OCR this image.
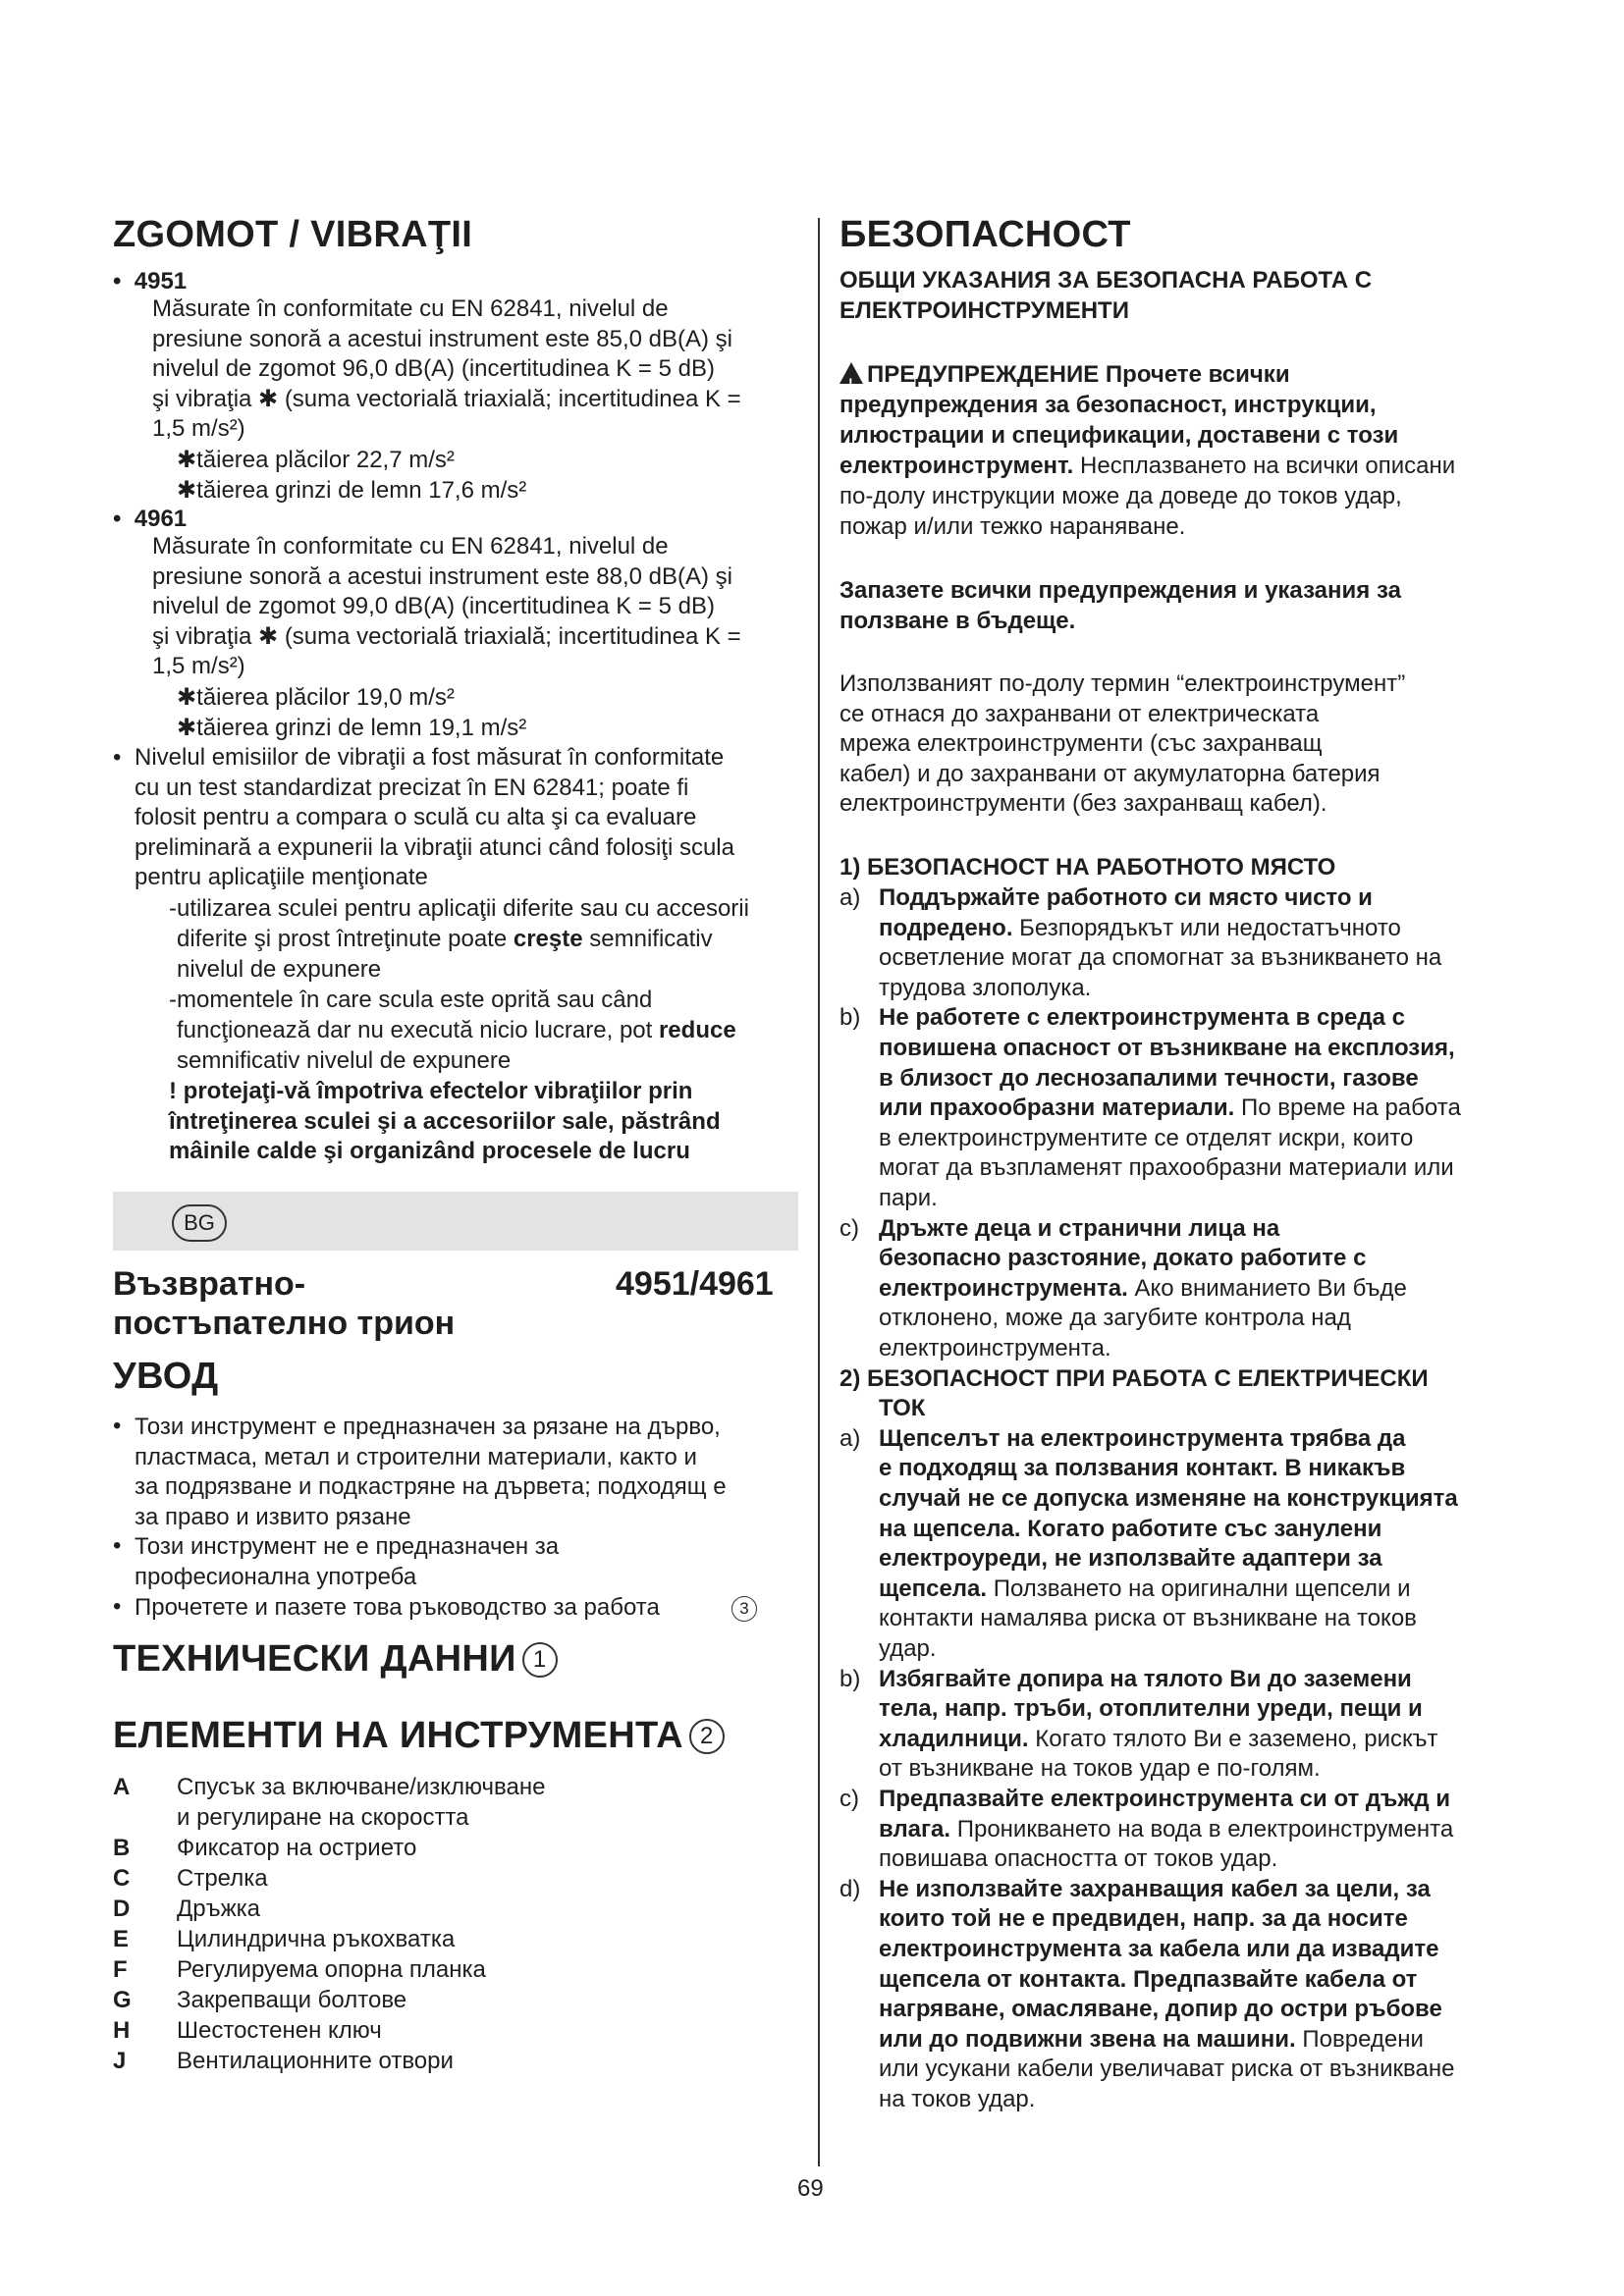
ZGOMOT / VIBRAŢII
•  4951
Măsurate în conformitate cu EN 62841, nivelul de
presiune sonoră a acestui instrument este 85,0 dB(A) şi
nivelul de zgomot 96,0 dB(A) (incertitudinea K = 5 dB)
şi vibraţia ✱ (suma vectorială triaxială; incertitudinea K =
1,5 m/s²)
✱tăierea plăcilor 22,7 m/s²
✱tăierea grinzi de lemn 17,6 m/s²
•  4961
Măsurate în conformitate cu EN 62841, nivelul de
presiune sonoră a acestui instrument este 88,0 dB(A) şi
nivelul de zgomot 99,0 dB(A) (incertitudinea K = 5 dB)
şi vibraţia ✱ (suma vectorială triaxială; incertitudinea K =
1,5 m/s²)
✱tăierea plăcilor 19,0 m/s²
✱tăierea grinzi de lemn 19,1 m/s²
• Nivelul emisiilor de vibraţii a fost măsurat în conformitate
cu un test standardizat precizat în EN 62841; poate fi
folosit pentru a compara o sculă cu alta şi ca evaluare
preliminară a expunerii la vibraţii atunci când folosiţi scula
pentru aplicaţiile menţionate
-utilizarea sculei pentru aplicaţii diferite sau cu accesorii
diferite şi prost întreţinute poate creşte semnificativ
nivelul de expunere
-momentele în care scula este oprită sau când
funcţionează dar nu execută nicio lucrare, pot reduce
semnificativ nivelul de expunere
! protejaţi-vă împotriva efectelor vibraţiilor prin
întreţinerea sculei şi a accesoriilor sale, păstrând
mâinile calde şi organizând procesele de lucru
BG
Възвратно-
постъпателно трион
4951/4961
УВОД
• Този инструмент е предназначен за рязане на дърво,
пластмаса, метал и строителни материали, както и
за подрязване и подкастряне на дърветa; подходящ е
за право и извито рязане
• Този инструмент не е предназначен за
професионална употреба
• Прочетете и пазете това ръководство за работа	3
ТЕХНИЧЕСКИ ДАННИ 1
ЕЛЕМЕНТИ НА ИНСТРУМЕНТА 2
A Спусък за включване/изключване
и регулиране на скоростта
B Фиксатор на острието
C Стрелка
D Дръжка
E Цилиндрична ръкохватка
F Регулируема опорна планка
G Закрепващи болтове
H Шестостенен ключ
J Вентилационните отвори
БЕЗОПАСНОСТ
ОБЩИ УКАЗАНИЯ ЗА БЕЗОПАСНА РАБОТА С
ЕЛЕКТРОИНСТРУМЕНТИ
! ПРЕДУПРЕЖДЕНИЕ Прочете всички
предупреждения за безопасност, инструкции,
илюстрации и спецификации, доставени с този
електроинструмент. Несплазването на всички описани
по-долу инструкции може да доведе до токов удар,
пожар и/или тежко нараняване.
Запазете всички предупреждения и указания за
ползване в бъдеще.
Използваният по-долу термин “електроинструмент”
се отнася до захранвани от електрическата
мрежа електроинструменти (със захранващ
кабел) и до захранвани от акумулаторна батерия
електроинструменти (без захранващ кабел).
1) БЕЗОПАСНОСТ НА РАБОТНОТО МЯСТО
a) Поддържайте работното си място чисто и
подредено. Безпорядъкът или недостатъчното
осветление могат да спомогнат за възникването на
трудова злополука.
b) Не работете с електроинструмента в среда с
повишена опасност от възникване на експлозия,
в близост до леснозапалими течности, газове
или прахообразни материали. По време на работа
в електроинструментите се отделят искри, които
могат да възпламенят прахообразни материали или
пари.
c) Дръжте деца и странични лица на
безопасно разстояние, докато работите с
електроинструмента. Ако вниманието Ви бъде
отклонено, може да загубите контрола над
електроинструмента.
2) БЕЗОПАСНОСТ ПРИ РАБОТА С ЕЛЕКТРИЧЕСКИ
ТОК
a) Щепселът на електроинструмента трябва да
е подходящ за ползвания контакт. В никакъв
случай не се допуска изменяне на конструкцията
на щепсела. Когато работите със занулени
електроуреди, не използвайте адаптери за
щепсела. Ползването на оригинални щепсели и
контакти намалява риска от възникване на токов
удар.
b) Избягвайте допира на тялото Ви до заземени
тела, напр. тръби, отоплителни уреди, пещи и
хладилници. Когато тялото Ви е заземено, рискът
от възникване на токов удар е по-голям.
c) Предпазвайте електроинструмента си от дъжд и
влага. Проникването на вода в електроинструмента
повишава опасността от токов удар.
d) Не използвайте захранващия кабел за цели, за
които той не е предвиден, напр. за да носите
електроинструмента за кабела или да извадите
щепсела от контакта. Предпазвайте кабела от
нагряване, омасляване, допир до остри ръбове
или до подвижни звена на машини. Повредени
или усукани кабели увеличават риска от възникване
на токов удар.
69
